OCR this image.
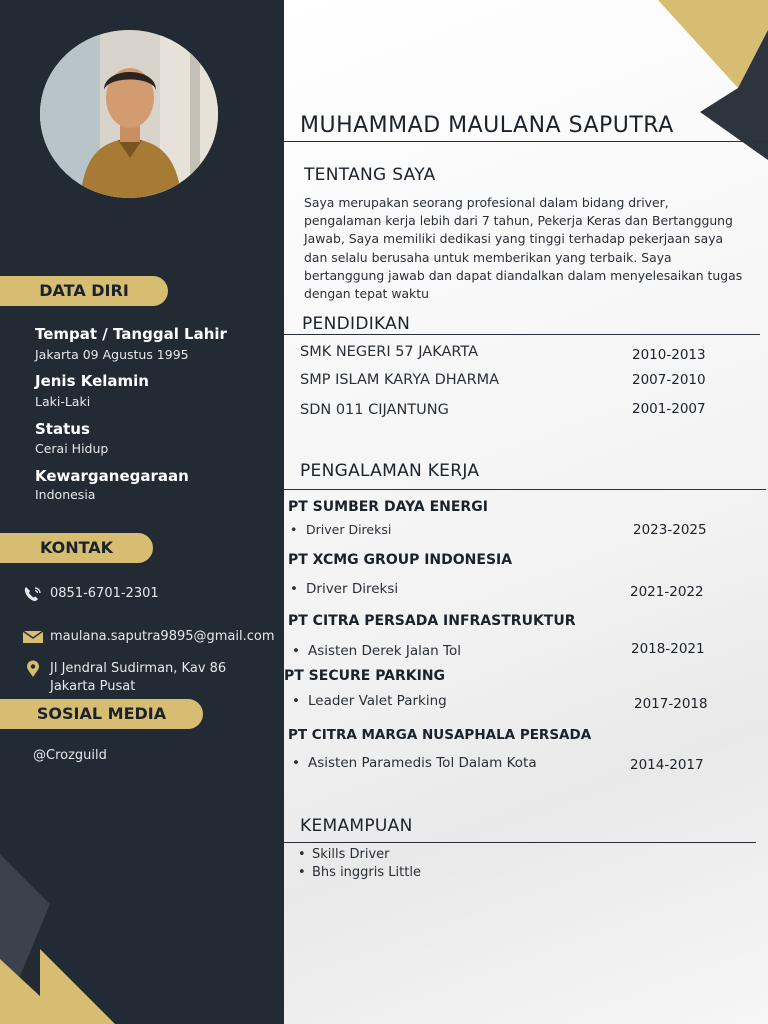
DATA DIRI
Tempat / Tanggal Lahir
Jakarta 09 Agustus 1995
Jenis Kelamin
Laki-Laki
Status
Cerai Hidup
Kewarganegaraan
Indonesia
KONTAK
0851-6701-2301
maulana.saputra9895@gmail.com
Jl Jendral Sudirman, Kav 86
Jakarta Pusat
SOSIAL MEDIA
@Crozguild
MUHAMMAD MAULANA SAPUTRA
TENTANG SAYA
Saya merupakan seorang profesional dalam bidang driver, pengalaman kerja lebih dari 7 tahun, Pekerja Keras dan Bertanggung Jawab, Saya memiliki dedikasi yang tinggi terhadap pekerjaan saya dan selalu berusaha untuk memberikan yang terbaik. Saya bertanggung jawab dan dapat diandalkan dalam menyelesaikan tugas dengan tepat waktu
PENDIDIKAN
SMK NEGERI 57 JAKARTA	2010-2013
SMP ISLAM KARYA DHARMA	2007-2010
SDN 011 CIJANTUNG	2001-2007
PENGALAMAN KERJA
PT SUMBER DAYA ENERGI
• Driver Direksi	2023-2025
PT XCMG GROUP INDONESIA
• Driver Direksi	2021-2022
PT CITRA PERSADA INFRASTRUKTUR
• Asisten Derek Jalan Tol	2018-2021
PT SECURE PARKING
• Leader Valet Parking	2017-2018
PT CITRA MARGA NUSAPHALA PERSADA
• Asisten Paramedis Tol Dalam Kota	2014-2017
KEMAMPUAN
• Skills Driver
• Bhs inggris Little
